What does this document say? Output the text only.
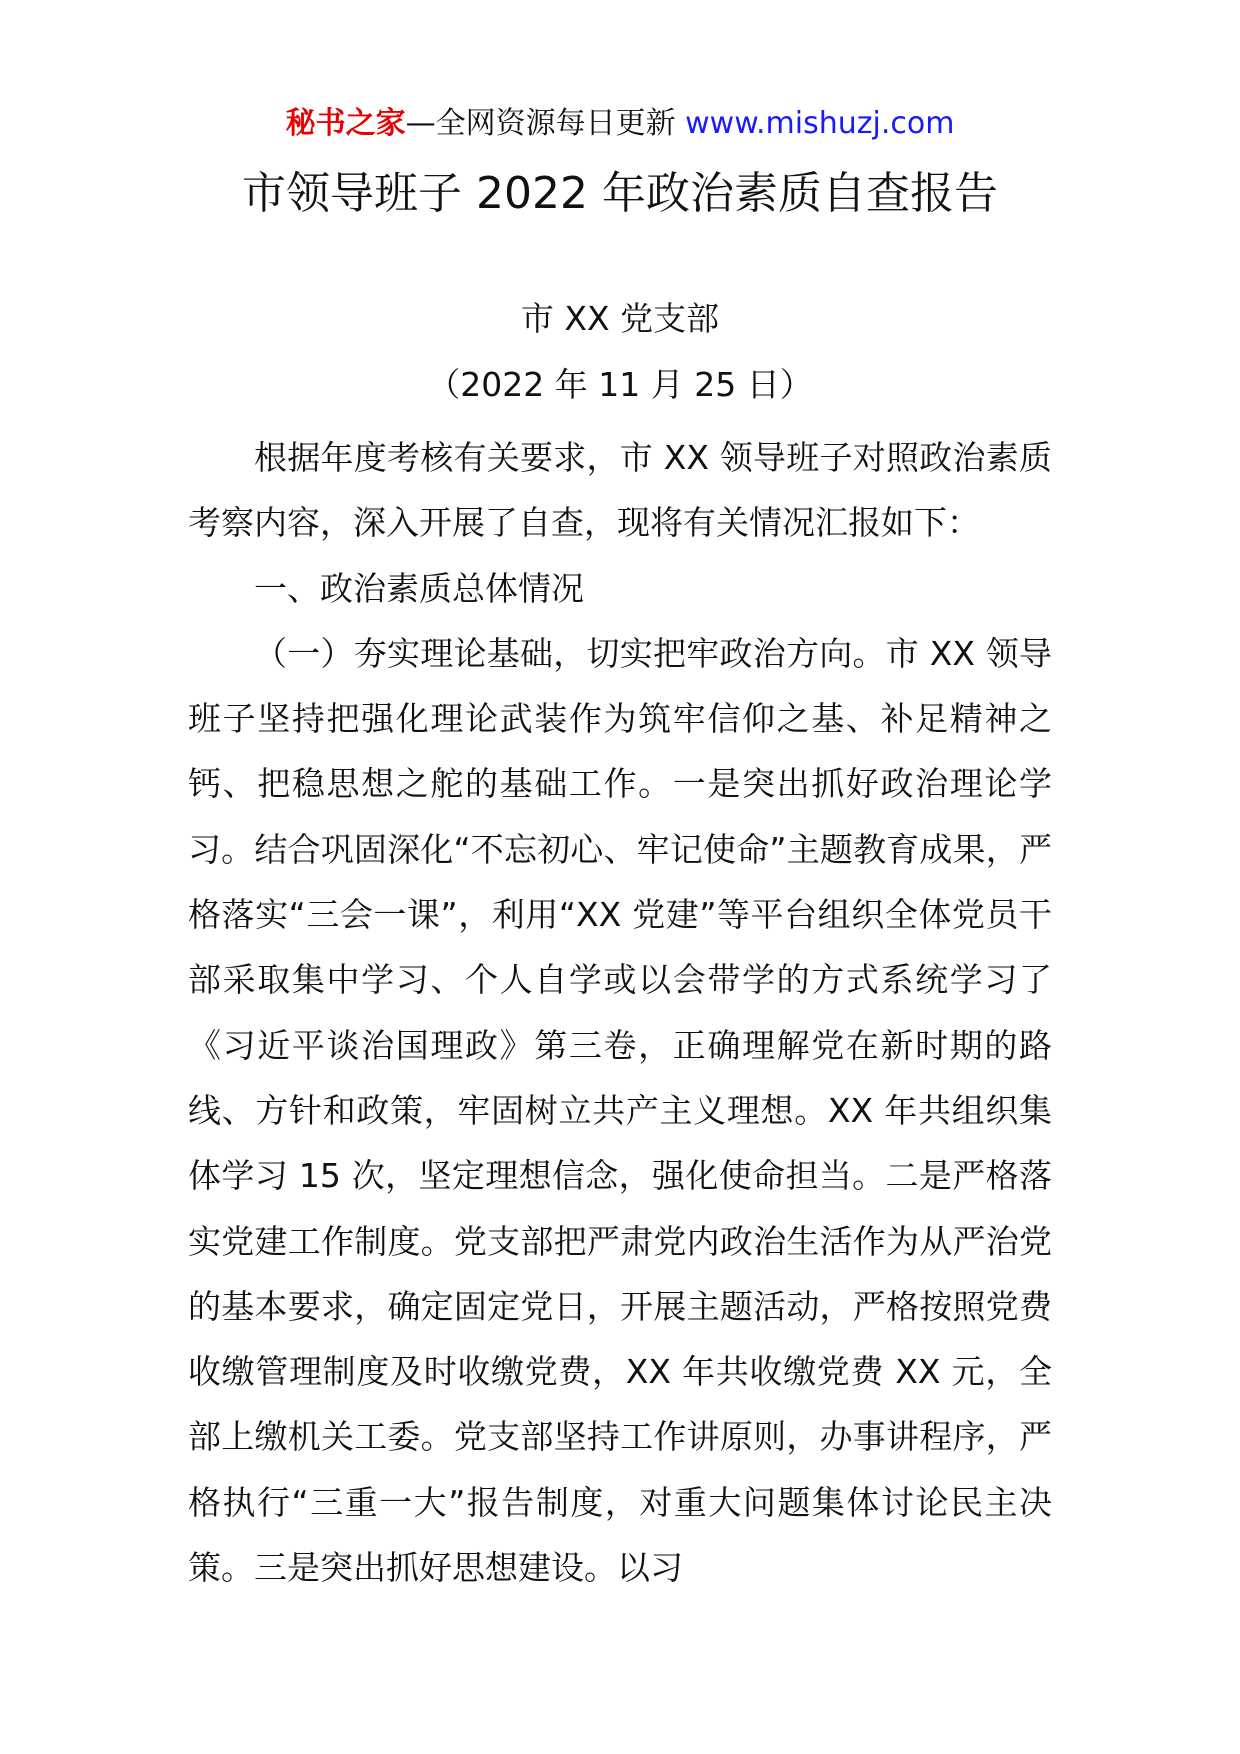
秘书之家—全网资源每日更新 www.mishuzj.com
市领导班子 2022 年政治素质自查报告
市 XX 党支部
（2022 年 11 月 25 日）

根据年度考核有关要求，市 XX 领导班子对照政治素质考察内容，深入开展了自查，现将有关情况汇报如下：

一、政治素质总体情况

（一）夯实理论基础，切实把牢政治方向。市 XX 领导班子坚持把强化理论武装作为筑牢信仰之基、补足精神之钙、把稳思想之舵的基础工作。一是突出抓好政治理论学习。结合巩固深化“不忘初心、牢记使命”主题教育成果，严格落实“三会一课”，利用“XX 党建”等平台组织全体党员干部采取集中学习、个人自学或以会带学的方式系统学习了《习近平谈治国理政》第三卷，正确理解党在新时期的路线、方针和政策，牢固树立共产主义理想。XX 年共组织集体学习 15 次，坚定理想信念，强化使命担当。二是严格落实党建工作制度。党支部把严肃党内政治生活作为从严治党的基本要求，确定固定党日，开展主题活动，严格按照党费收缴管理制度及时收缴党费，XX 年共收缴党费 XX 元，全部上缴机关工委。党支部坚持工作讲原则，办事讲程序，严格执行“三重一大”报告制度，对重大问题集体讨论民主决策。三是突出抓好思想建设。以习
